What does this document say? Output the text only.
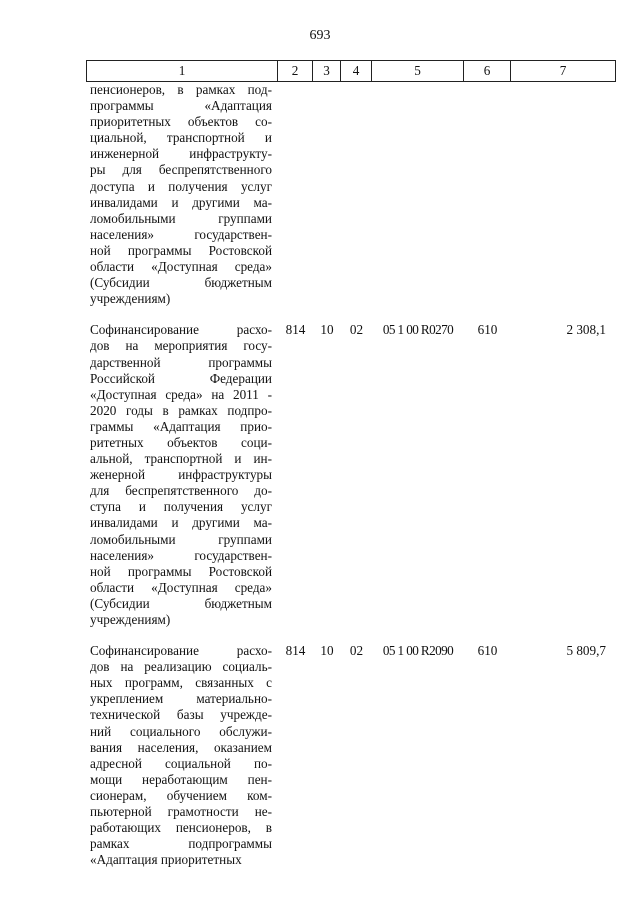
693
1	2	3	4	5	6	7
пенсионеров, в рамках под-
программы «Адаптация
приоритетных объектов со-
циальной, транспортной и
инженерной инфраструкту-
ры для беспрепятственного
доступа и получения услуг
инвалидами и другими ма-
ломобильными группами
населения» государствен-
ной программы Ростовской
области «Доступная среда»
(Субсидии бюджетным
учреждениям)
Софинансирование расхо-
дов на мероприятия госу-
дарственной программы
Российской Федерации
«Доступная среда» на 2011 -
2020 годы в рамках подпро-
граммы «Адаптация прио-
ритетных объектов соци-
альной, транспортной и ин-
женерной инфраструктуры
для беспрепятственного до-
ступа и получения услуг
инвалидами и другими ма-
ломобильными группами
населения» государствен-
ной программы Ростовской
области «Доступная среда»
(Субсидии бюджетным
учреждениям)
814	10	02	05 1 00 R0270	610	2 308,1
Софинансирование расхо-
дов на реализацию социаль-
ных программ, связанных с
укреплением материально-
технической базы учрежде-
ний социального обслужи-
вания населения, оказанием
адресной социальной по-
мощи неработающим пен-
сионерам, обучением ком-
пьютерной грамотности не-
работающих пенсионеров, в
рамках подпрограммы
«Адаптация приоритетных
814	10	02	05 1 00 R2090	610	5 809,7
